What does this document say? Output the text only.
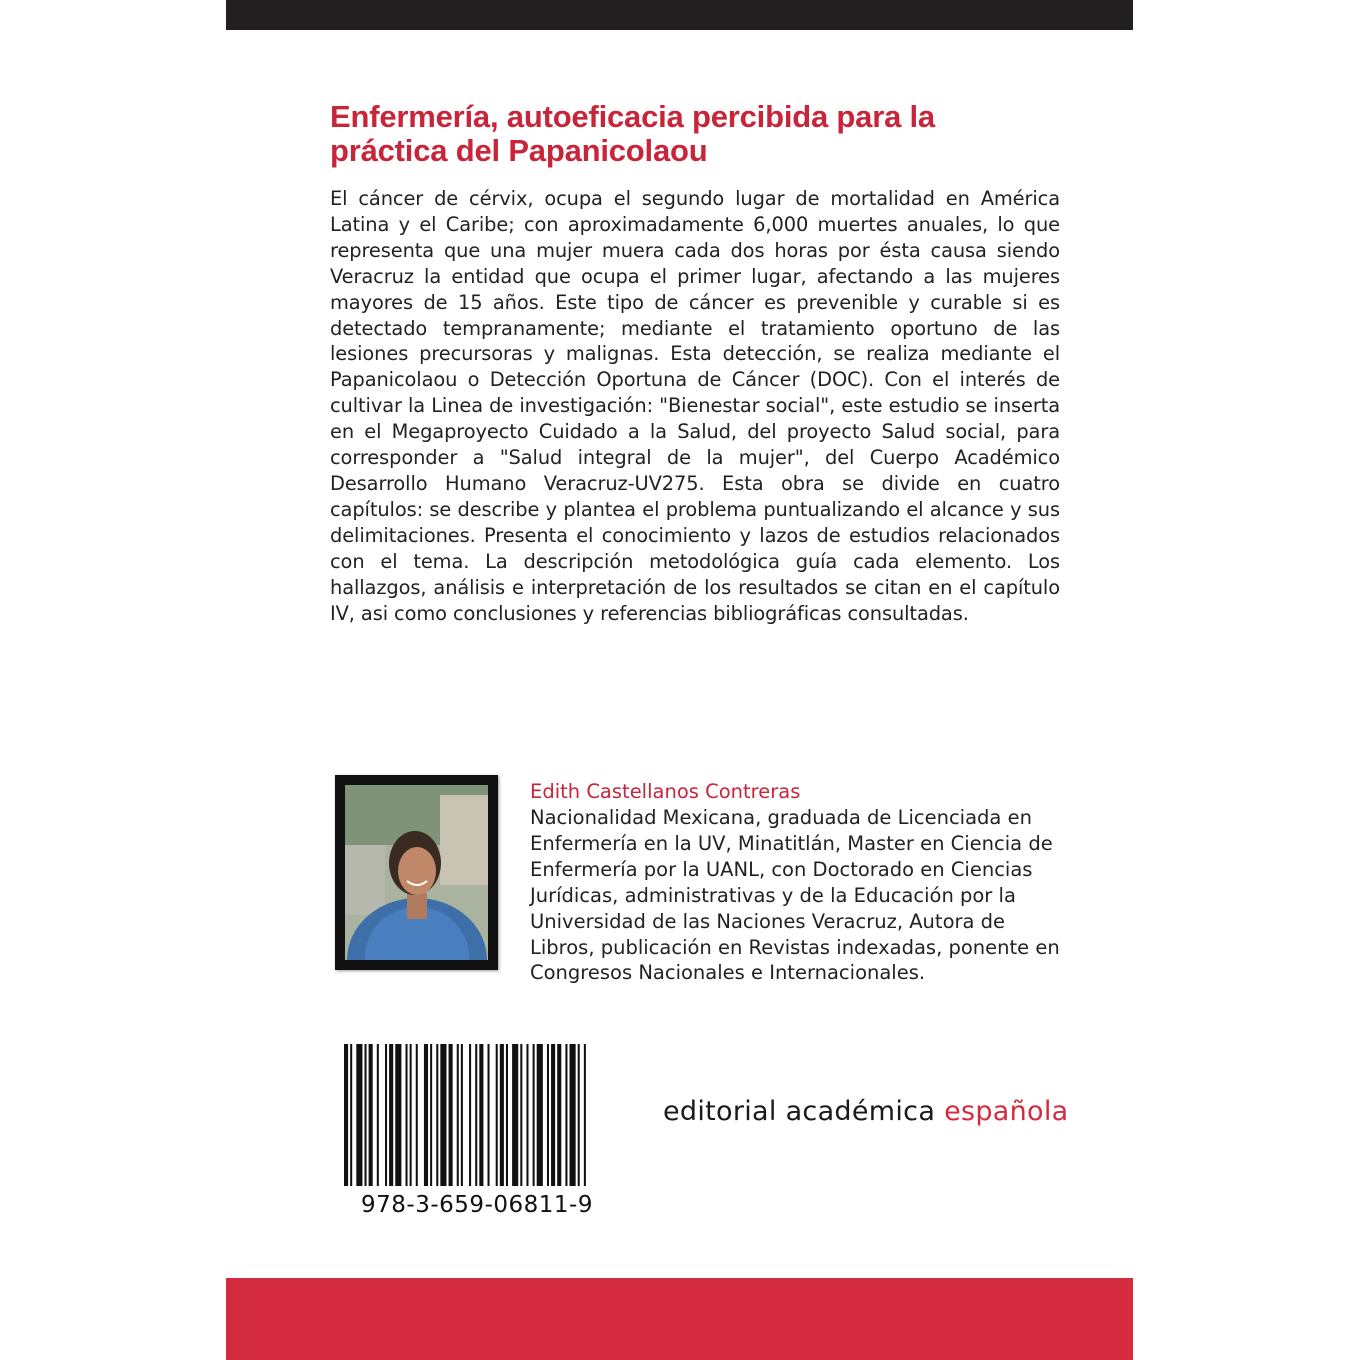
Enfermería, autoeficacia percibida para la
práctica del Papanicolaou

El cáncer de cérvix, ocupa el segundo lugar de mortalidad en América Latina y el Caribe; con aproximadamente 6,000 muertes anuales, lo que representa que una mujer muera cada dos horas por ésta causa siendo Veracruz la entidad que ocupa el primer lugar, afectando a las mujeres mayores de 15 años. Este tipo de cáncer es prevenible y curable si es detectado tempranamente; mediante el tratamiento oportuno de las lesiones precursoras y malignas. Esta detección, se realiza mediante el Papanicolaou o Detección Oportuna de Cáncer (DOC). Con el interés de cultivar la Linea de investigación: "Bienestar social", este estudio se inserta en el Megaproyecto Cuidado a la Salud, del proyecto Salud social, para corresponder a "Salud integral de la mujer", del Cuerpo Académico Desarrollo Humano Veracruz-UV275. Esta obra se divide en cuatro capítulos: se describe y plantea el problema puntualizando el alcance y sus delimitaciones. Presenta el conocimiento y lazos de estudios relacionados con el tema. La descripción metodológica guía cada elemento. Los hallazgos, análisis e interpretación de los resultados se citan en el capítulo IV, asi como conclusiones y referencias bibliográficas consultadas.

Edith Castellanos Contreras

Nacionalidad Mexicana, graduada de Licenciada en Enfermería en la UV, Minatitlán, Master en Ciencia de Enfermería por la UANL, con Doctorado en Ciencias Jurídicas, administrativas y de la Educación por la Universidad de las Naciones Veracruz, Autora de Libros, publicación en Revistas indexadas, ponente en Congresos Nacionales e Internacionales.

978-3-659-06811-9

editorial académica española
